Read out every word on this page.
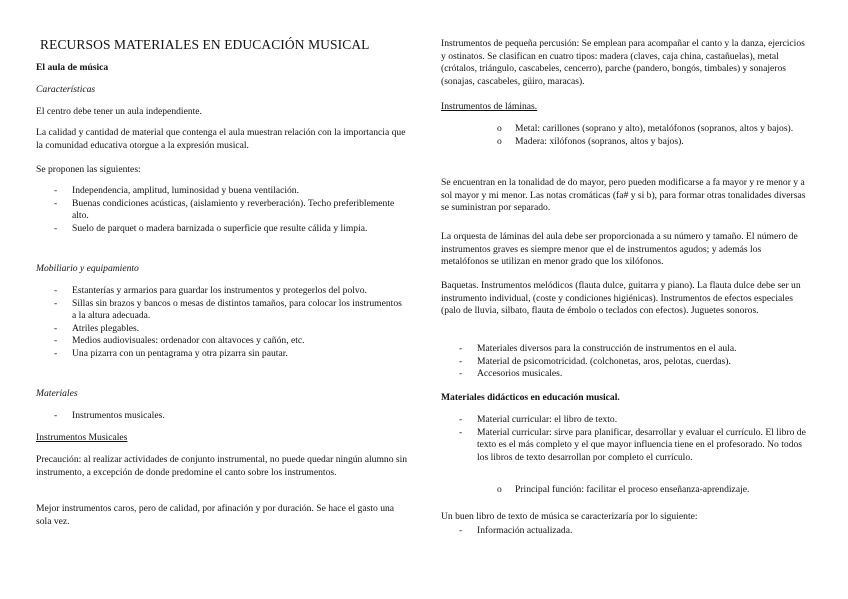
RECURSOS MATERIALES EN EDUCACIÓN MUSICAL

El aula de música

Características

El centro debe tener un aula independiente.

La calidad y cantidad de material que contenga el aula muestran relación con la importancia que la comunidad educativa otorgue a la expresión musical.

Se proponen las siguientes:

- Independencia, amplitud, luminosidad y buena ventilación.
- Buenas condiciones acústicas, (aislamiento y reverberación). Techo preferiblemente alto.
- Suelo de parquet o madera barnizada o superficie que resulte cálida y limpia.

Mobiliario y equipamiento

- Estanterías y armarios para guardar los instrumentos y protegerlos del polvo.
- Sillas sin brazos y bancos o mesas de distintos tamaños, para colocar los instrumentos a la altura adecuada.
- Atriles plegables.
- Medios audiovisuales: ordenador con altavoces y cañón, etc.
- Una pizarra con un pentagrama y otra pizarra sin pautar.

Materiales

- Instrumentos musicales.

Instrumentos Musicales

Precaución: al realizar actividades de conjunto instrumental, no puede quedar ningún alumno sin instrumento, a excepción de donde predomine el canto sobre los instrumentos.

Mejor instrumentos caros, pero de calidad, por afinación y por duración. Se hace el gasto una sola vez.

Instrumentos de pequeña percusión: Se emplean para acompañar el canto y la danza, ejercicios y ostinatos. Se clasifican en cuatro tipos: madera (claves, caja china, castañuelas), metal (crótalos, triángulo, cascabeles, cencerro), parche (pandero, bongós, timbales) y sonajeros (sonajas, cascabeles, güiro, maracas).

Instrumentos de láminas.

o Metal: carillones (soprano y alto), metalófonos (sopranos, altos y bajos).
o Madera: xilófonos (sopranos, altos y bajos).

Se encuentran en la tonalidad de do mayor, pero pueden modificarse a fa mayor y re menor y a sol mayor y mi menor. Las notas cromáticas (fa# y si b), para formar otras tonalidades diversas se suministran por separado.

La orquesta de láminas del aula debe ser proporcionada a su número y tamaño. El número de instrumentos graves es siempre menor que el de instrumentos agudos; y además los metalófonos se utilizan en menor grado que los xilófonos.

Baquetas. Instrumentos melódicos (flauta dulce, guitarra y piano). La flauta dulce debe ser un instrumento individual, (coste y condiciones higiénicas). Instrumentos de efectos especiales (palo de lluvia, silbato, flauta de émbolo o teclados con efectos). Juguetes sonoros.

- Materiales diversos para la construcción de instrumentos en el aula.
- Material de psicomotricidad. (colchonetas, aros, pelotas, cuerdas).
- Accesorios musicales.

Materiales didácticos en educación musical.

- Material curricular: el libro de texto.
- Material curricular: sirve para planificar, desarrollar y evaluar el currículo. El libro de texto es el más completo y el que mayor influencia tiene en el profesorado. No todos los libros de texto desarrollan por completo el currículo.
o Principal función: facilitar el proceso enseñanza-aprendizaje.

Un buen libro de texto de música se caracterizaría por lo siguiente:

- Información actualizada.
